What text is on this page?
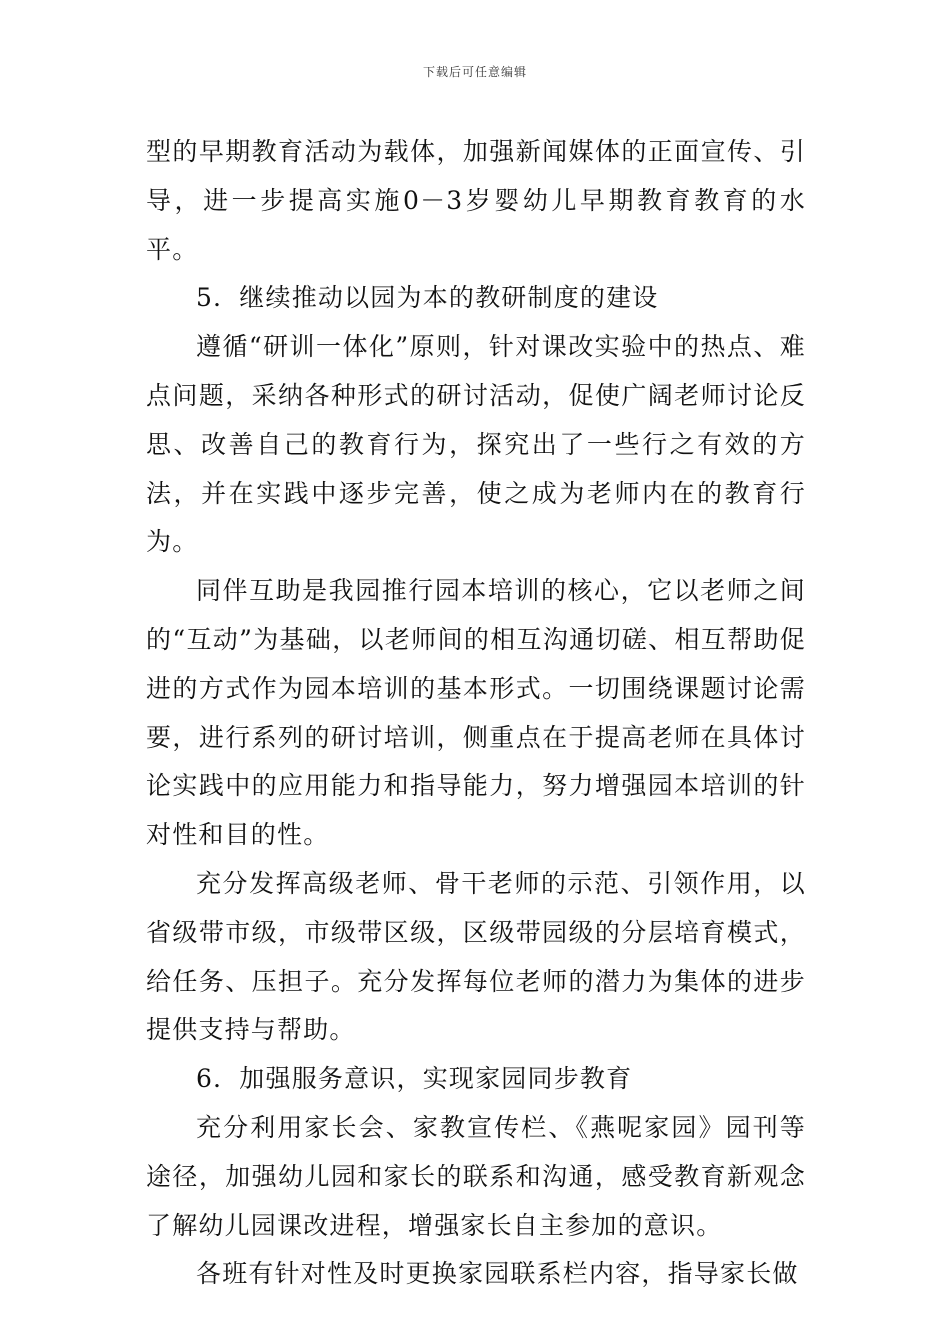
下载后可任意编辑

型的早期教育活动为载体，加强新闻媒体的正面宣传、引导，进一步提高实施0－3岁婴幼儿早期教育教育的水平。

5．继续推动以园为本的教研制度的建设

遵循“研训一体化”原则，针对课改实验中的热点、难点问题，采纳各种形式的研讨活动，促使广阔老师讨论反思、改善自己的教育行为，探究出了一些行之有效的方法，并在实践中逐步完善，使之成为老师内在的教育行为。

同伴互助是我园推行园本培训的核心，它以老师之间的“互动”为基础，以老师间的相互沟通切磋、相互帮助促进的方式作为园本培训的基本形式。一切围绕课题讨论需要，进行系列的研讨培训，侧重点在于提高老师在具体讨论实践中的应用能力和指导能力，努力增强园本培训的针对性和目的性。

充分发挥高级老师、骨干老师的示范、引领作用，以省级带市级，市级带区级，区级带园级的分层培育模式，给任务、压担子。充分发挥每位老师的潜力为集体的进步提供支持与帮助。

6．加强服务意识，实现家园同步教育

充分利用家长会、家教宣传栏、《燕呢家园》园刊等途径，加强幼儿园和家长的联系和沟通，感受教育新观念了解幼儿园课改进程，增强家长自主参加的意识。

各班有针对性及时更换家园联系栏内容，指导家长做
